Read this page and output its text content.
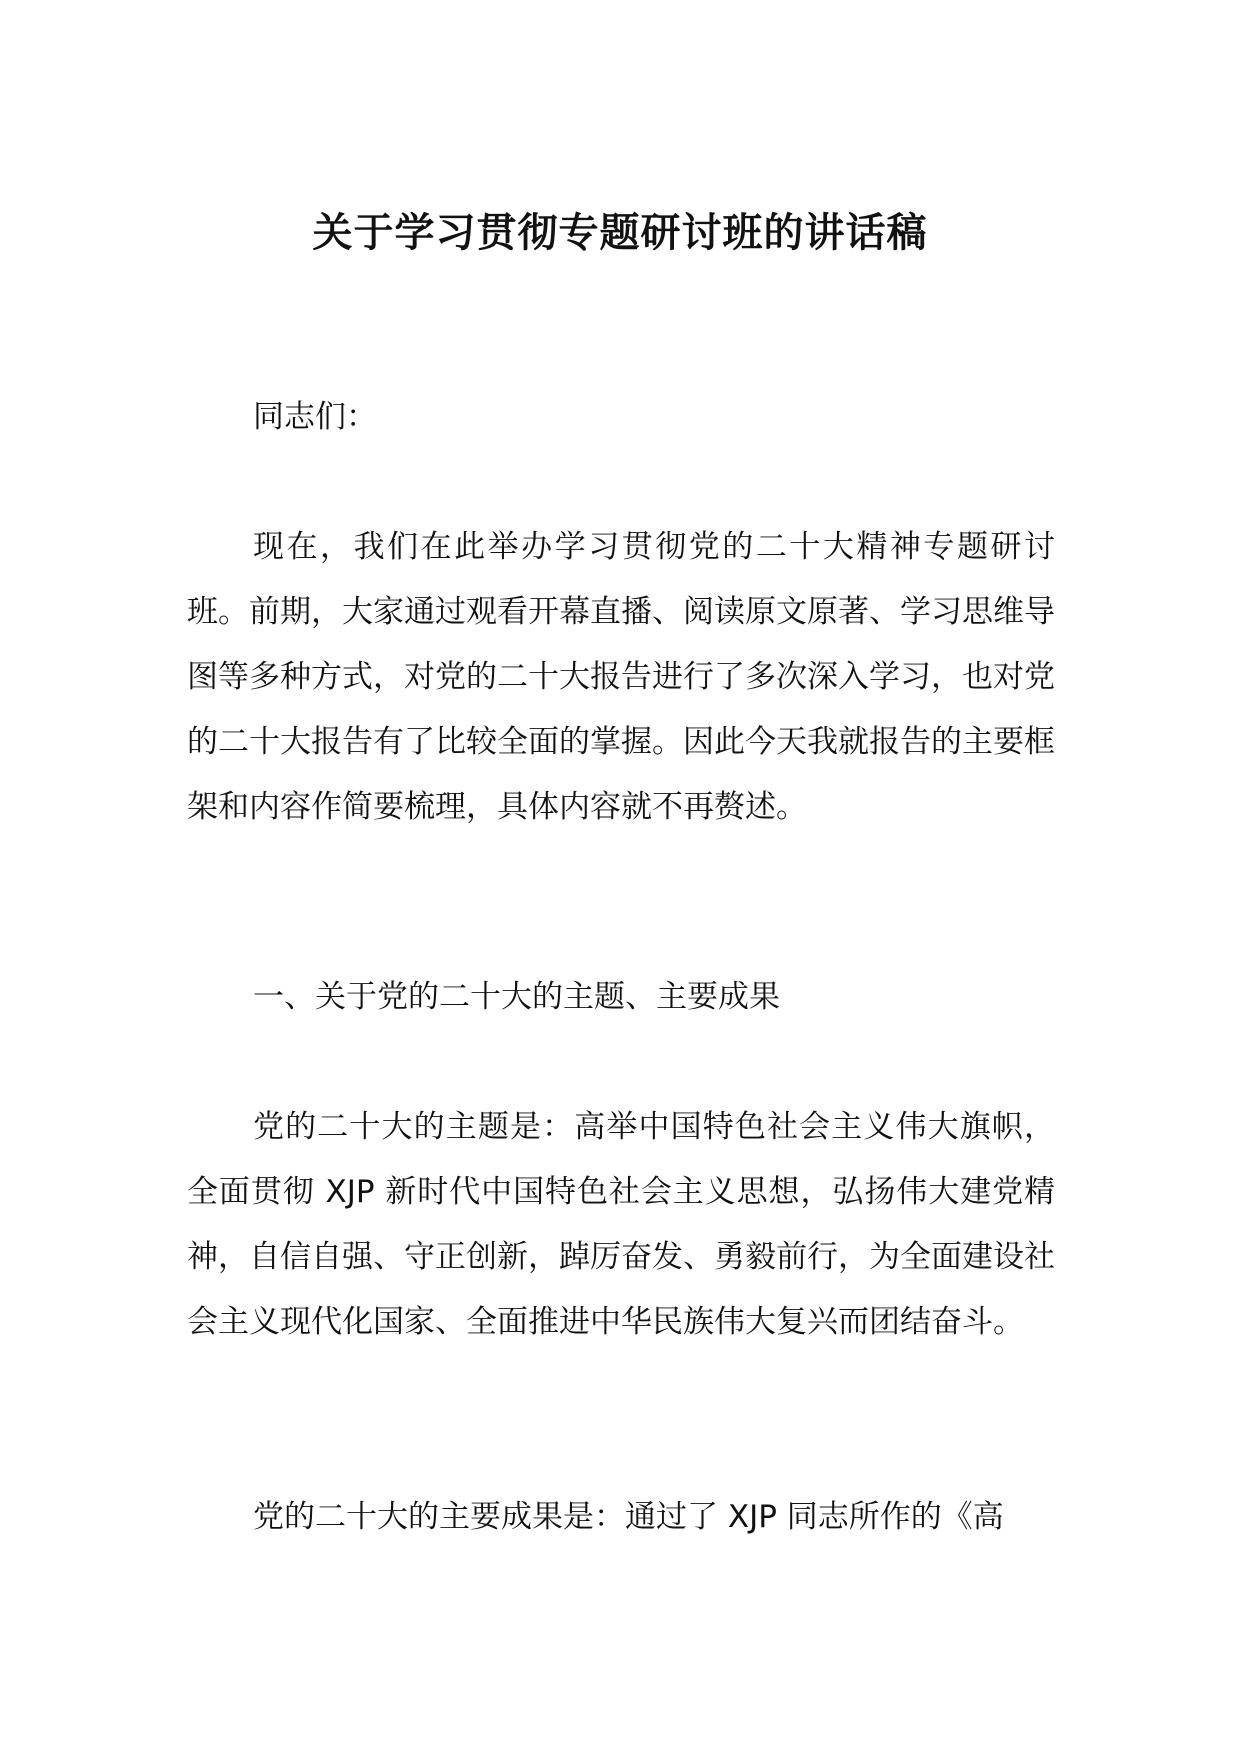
关于学习贯彻专题研讨班的讲话稿

同志们：

现在，我们在此举办学习贯彻党的二十大精神专题研讨班。前期，大家通过观看开幕直播、阅读原文原著、学习思维导图等多种方式，对党的二十大报告进行了多次深入学习，也对党的二十大报告有了比较全面的掌握。因此今天我就报告的主要框架和内容作简要梳理，具体内容就不再赘述。

一、关于党的二十大的主题、主要成果

党的二十大的主题是：高举中国特色社会主义伟大旗帜，全面贯彻 XJP 新时代中国特色社会主义思想，弘扬伟大建党精神，自信自强、守正创新，踔厉奋发、勇毅前行，为全面建设社会主义现代化国家、全面推进中华民族伟大复兴而团结奋斗。

党的二十大的主要成果是：通过了 XJP 同志所作的《高
